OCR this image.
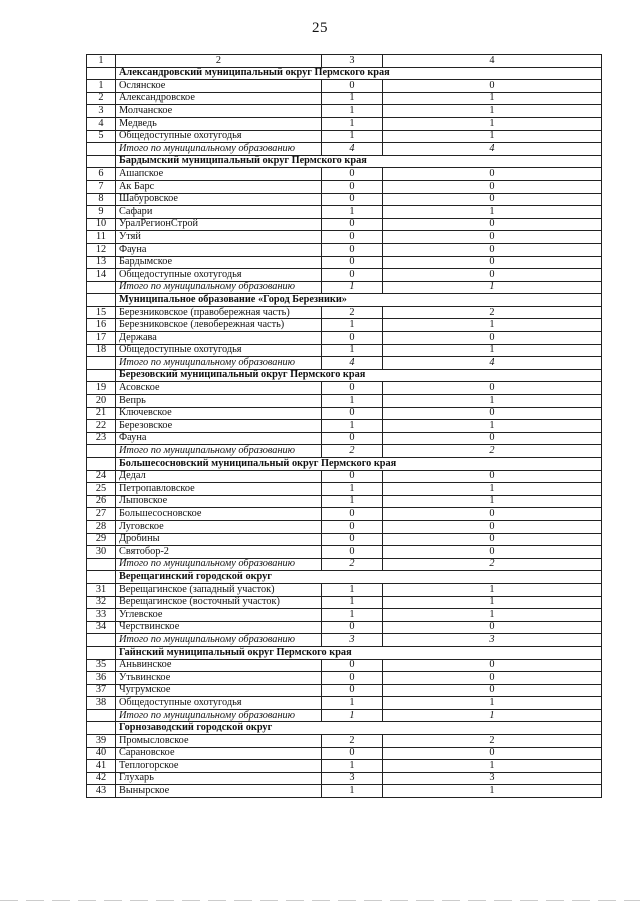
25
1	2	3	4
	Александровский муниципальный округ Пермского края		
1	Ослянское	0	0
2	Александровское	1	1
3	Молчанское	1	1
4	Медведь	1	1
5	Общедоступные охотугодья	1	1
	Итого по муниципальному образованию	4	4
	Бардымский муниципальный округ Пермского края		
6	Ашапское	0	0
7	Ак Барс	0	0
8	Шабуровское	0	0
9	Сафари	1	1
10	УралРегионСтрой	0	0
11	Утяй	0	0
12	Фауна	0	0
13	Бардымское	0	0
14	Общедоступные охотугодья	0	0
	Итого по муниципальному образованию	1	1
	Муниципальное образование «Город Березники»		
15	Березниковское (правобережная часть)	2	2
16	Березниковское (левобережная часть)	1	1
17	Держава	0	0
18	Общедоступные охотугодья	1	1
	Итого по муниципальному образованию	4	4
	Березовский муниципальный округ Пермского края		
19	Асовское	0	0
20	Вепрь	1	1
21	Ключевское	0	0
22	Березовское	1	1
23	Фауна	0	0
	Итого по муниципальному образованию	2	2
	Большесосновский муниципальный округ Пермского края		
24	Дедал	0	0
25	Петропавловское	1	1
26	Лыповское	1	1
27	Большесосновское	0	0
28	Луговское	0	0
29	Дробины	0	0
30	Святобор-2	0	0
	Итого по муниципальному образованию	2	2
	Верещагинский городской округ		
31	Верещагинское (западный участок)	1	1
32	Верещагинское (восточный участок)	1	1
33	Углевское	1	1
34	Черствинское	0	0
	Итого по муниципальному образованию	3	3
	Гайнский муниципальный округ Пермского края		
35	Аньвинское	0	0
36	Утьвинское	0	0
37	Чугрумское	0	0
38	Общедоступные охотугодья	1	1
	Итого по муниципальному образованию	1	1
	Горнозаводский городской округ		
39	Промысловское	2	2
40	Сарановское	0	0
41	Теплогорское	1	1
42	Глухарь	3	3
43	Вынырское	1	1
